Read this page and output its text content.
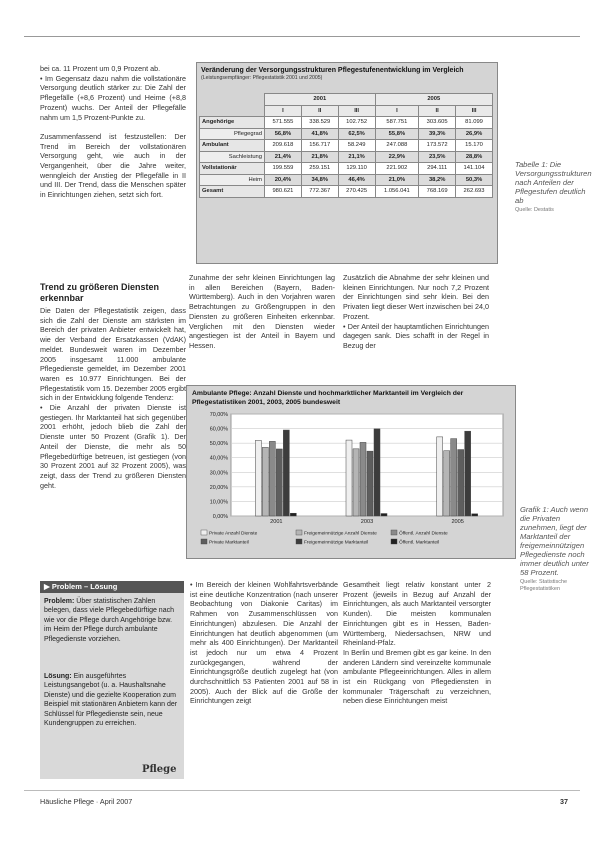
bei ca. 11 Prozent um 0,9 Prozent ab.
• Im Gegensatz dazu nahm die vollstationäre Versorgung deutlich stärker zu: Die Zahl der Pflegefälle (+8,6 Prozent) und Heime (+8,8 Prozent) wuchs. Der Anteil der Pflegefälle nahm um 1,5 Prozent-Punkte zu.

Zusammenfassend ist festzustellen: Der Trend im Bereich der vollstationären Versorgung geht, wie auch in der Vergangenheit, über die Jahre weiter, wenngleich der Anstieg der Pflegefälle in II und III. Der Trend, dass die Menschen später in Einrichtungen ziehen, setzt sich fort.
Trend zu größeren Diensten erkennbar
Die Daten der Pflegestatistik zeigen, dass sich die Zahl der Dienste am stärksten im Bereich der privaten Anbieter entwickelt hat, wie der Verband der Ersatzkassen (VdAK) meldet. Bundesweit waren im Dezember 2005 insgesamt 11.000 ambulante Pflegedienste gemeldet, im Dezember 2001 waren es 10.977 Einrichtungen. Bei der Pflegestatistik vom 15. Dezember 2005 ergibt sich in der Entwicklung folgende Tendenz:
• Die Anzahl der privaten Dienste ist gestiegen. Ihr Marktanteil hat sich gegenüber 2001 erhöht, jedoch blieb die Zahl der Dienste unter 50 Prozent (Grafik 1). Der Anteil der Dienste, die mehr als 50 Pflegebedürftige betreuen, ist gestiegen (von 30 Prozent 2001 auf 32 Prozent 2005), was zeigt, dass der Trend zu größeren Diensten geht.
Veränderung der Versorgungsstrukturen Pflegestufenentwicklung im Vergleich
(Leistungsempfänger: Pflegestatistik 2001 und 2005)
	2001			2005		
	I	II	III	I	II	III
Angehörige	571.555	338.529	102.752	587.751	303.605	81.099
Pflegegrad	56,8%	41,8%	62,5%	55,8%	39,3%	26,9%
Ambulant	209.618	156.717	58.249	247.088	173.572	15.170
Sachleistung	21,4%	21,8%	21,1%	22,9%	23,5%	28,8%
Vollstationär	199.559	259.151	129.110	221.902	294.111	141.104
Heim	20,4%	34,8%	46,4%	21,0%	38,2%	50,3%
Gesamt	980.621	772.367	270.425	1.056.041	768.169	262.693
Tabelle 1: Die Versorgungsstrukturen nach Anteilen der Pflegestufen deutlich ab
Quelle: Destatis
Zunahme der sehr kleinen Einrichtungen lag in allen Bereichen (Bayern, Baden-Württemberg). Auch in den Vorjahren waren Betrachtungen zu Größengruppen in den Diensten zu größeren Einheiten erkennbar. Verglichen mit den Diensten wieder angestiegen ist der Anteil in Bayern und Hessen.
Zusätzlich die Abnahme der sehr kleinen und kleinen Einrichtungen. Nur noch 7,2 Prozent der Einrichtungen sind sehr klein. Bei den Privaten liegt dieser Wert inzwischen bei 24,0 Prozent.
• Der Anteil der hauptamtlichen Einrichtungen dagegen sank. Dies schafft in der Regel in Bezug der
Ambulante Pflege: Anzahl Dienste und hochmarktlicher Marktanteil im Vergleich der Pflegestatistiken 2001, 2003, 2005 bundesweit
70,00%
60,00%
50,00%
40,00%
30,00%
20,00%
10,00%
0,00%
2001	2003	2005
Private Anzahl Dienste	Freigemeinnützige Anzahl Dienste	Öffentl. Anzahl Dienste
Private Marktanteil	Freigemeinnützige Marktanteil	Öffentl. Marktanteil
Grafik 1: Auch wenn die Privaten zunehmen, liegt der Marktanteil der freigemeinnützigen Pflegedienste noch immer deutlich unter 58 Prozent.
Quelle: Statistische Pflegestatistiken
▶ Problem – Lösung
Problem: Über statistischen Zahlen belegen, dass viele Pflegebedürftige nach wie vor die Pflege durch Angehörige bzw. im Heim der Pflege durch ambulante Pflegedienste vorziehen.
Lösung: Ein ausgeführtes Leistungsangebot (u. a. Haushaltsnahe Dienste) und die gezielte Kooperation zum Beispiel mit stationären Anbietern kann der Schlüssel für Pflegedienste sein, neue Kundengruppen zu erreichen.
Pflege
• Im Bereich der kleinen Wohlfahrtsverbände ist eine deutliche Konzentration (nach unserer Beobachtung von Diakonie Caritas) im Rahmen von Zusammenschlüssen von Einrichtungen) abzulesen. Die Anzahl der Einrichtungen hat deutlich abgenommen (um mehr als 400 Einrichtungen). Der Marktanteil ist jedoch nur um etwa 4 Prozent zurückgegangen, während der Einrichtungsgröße deutlich zugelegt hat (von durchschnittlich 53 Patienten 2001 auf 58 in 2005). Auch der Blick auf die Größe der Einrichtungen zeigt
Gesamtheit liegt relativ konstant unter 2 Prozent (jeweils in Bezug auf Anzahl der Einrichtungen, als auch Marktanteil versorgter Kunden). Die meisten kommunalen Einrichtungen gibt es in Hessen, Baden-Württemberg, Niedersachsen, NRW und Rheinland-Pfalz.
In Berlin und Bremen gibt es gar keine. In den anderen Ländern sind vereinzelte kommunale ambulante Pflegeeinrichtungen. Alles in allem ist ein Rückgang von Pflegediensten in kommunaler Trägerschaft zu verzeichnen, neben diese Einrichtungen meist
Häusliche Pflege · April 2007	37
